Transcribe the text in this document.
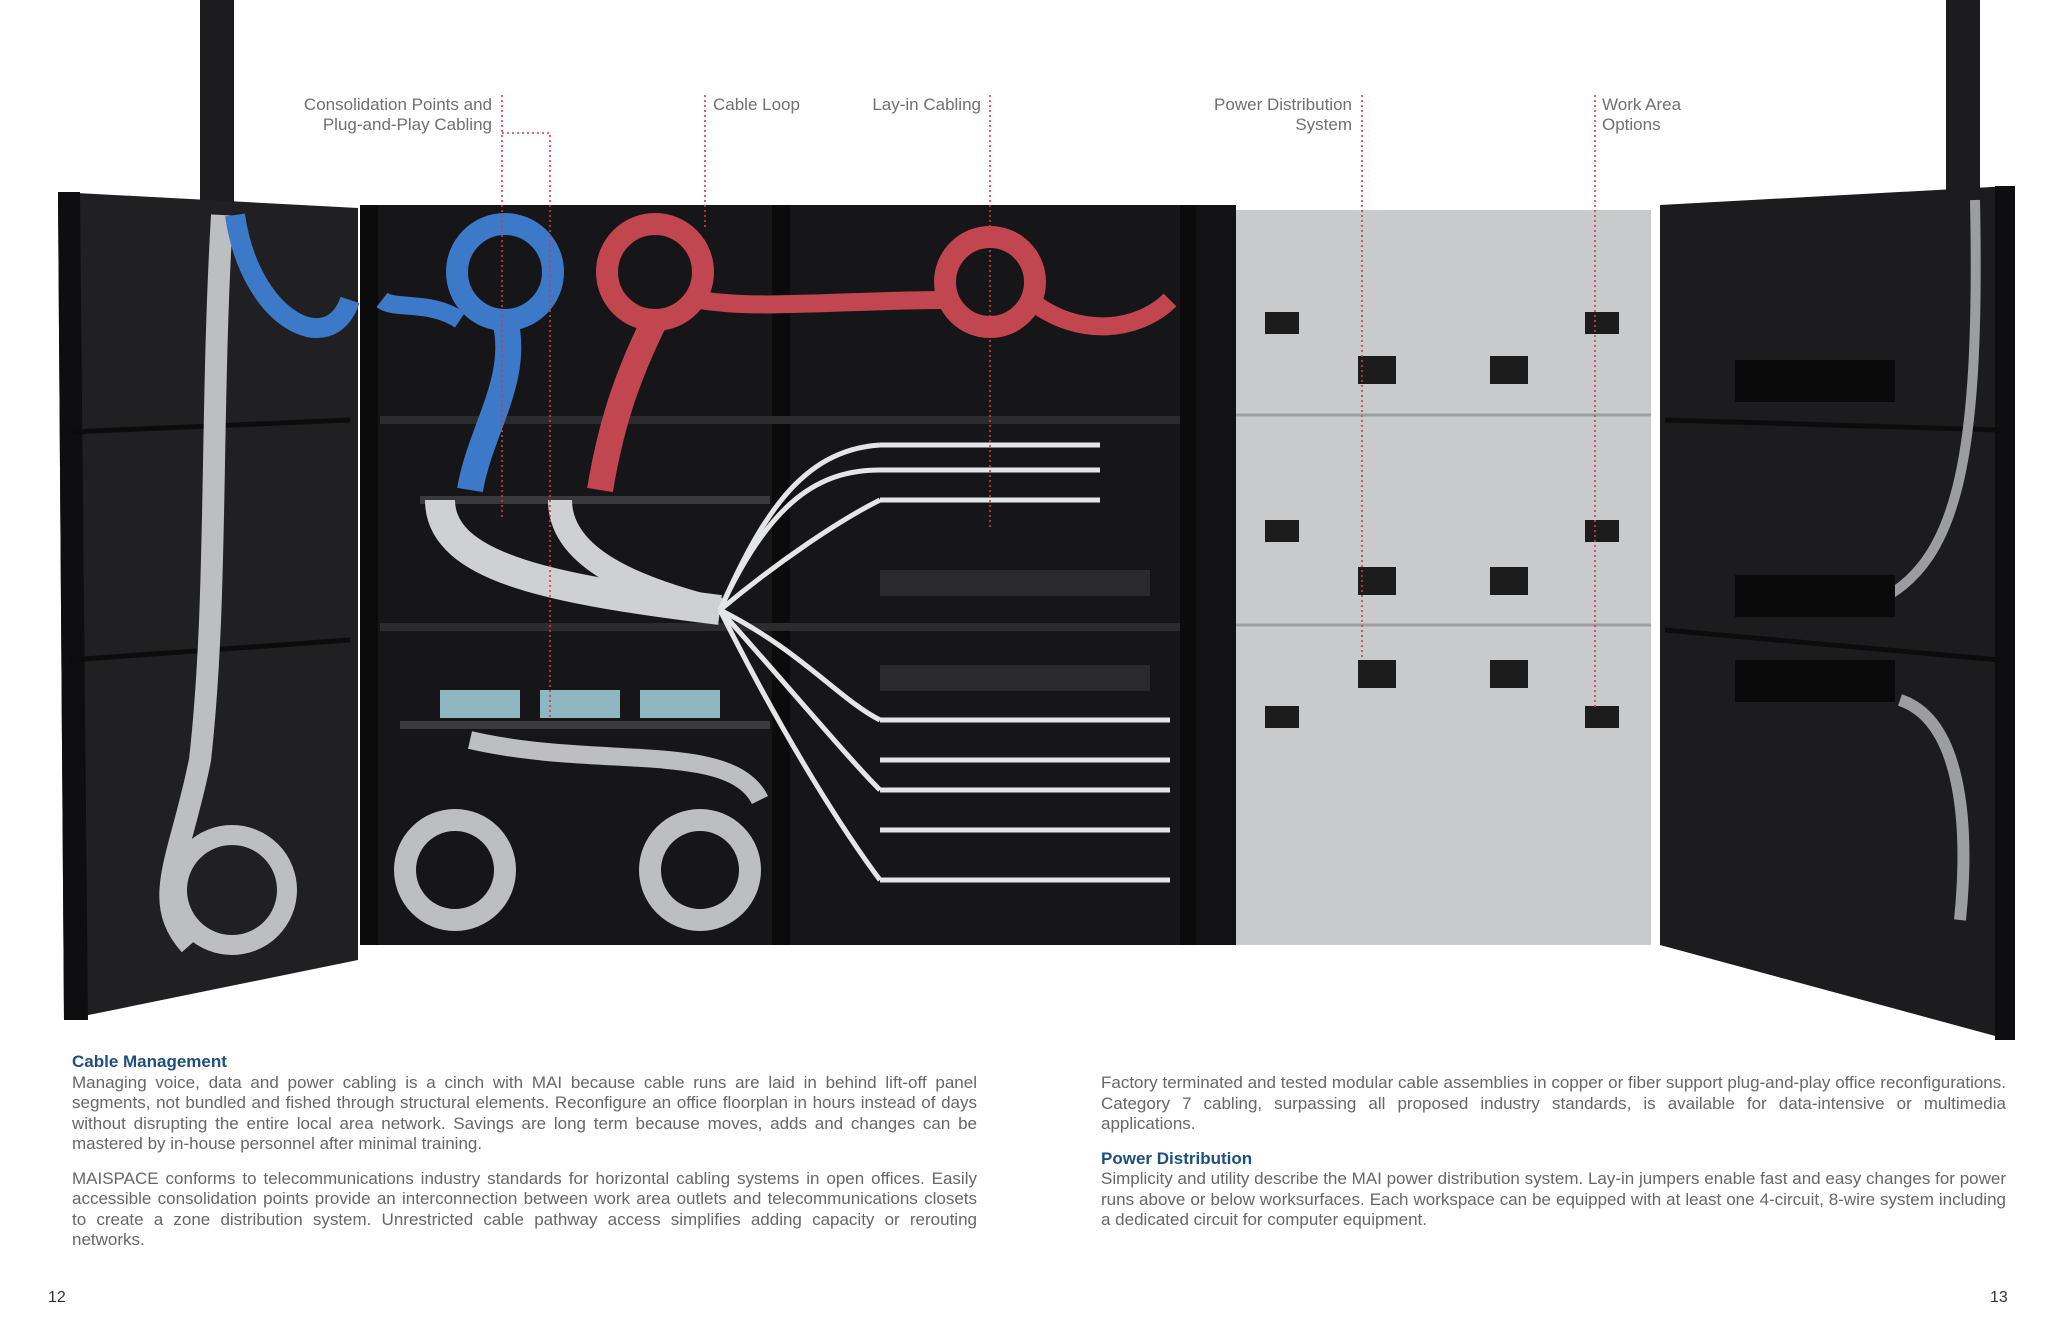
Consolidation Points and
Plug-and-Play Cabling
Cable Loop	Lay-in Cabling	Power Distribution
System
Work Area
Options
Cable Management

Managing voice, data and power cabling is a cinch with MAI because cable runs are laid in behind lift-off panel segments, not bundled and fished through structural elements. Reconfigure an office floorplan in hours instead of days without disrupting the entire local area network. Savings are long term because moves, adds and changes can be mastered by in-house personnel after minimal training.

MAISPACE conforms to telecommunications industry standards for horizontal cabling systems in open offices. Easily accessible consolidation points provide an interconnection between work area outlets and telecommunications closets to create a zone distribution system. Unrestricted cable pathway access simplifies adding capacity or rerouting networks.

Factory terminated and tested modular cable assemblies in copper or fiber support plug-and-play office reconfigurations. Category 7 cabling, surpassing all proposed industry standards, is available for data-intensive or multimedia applications.

Power Distribution

Simplicity and utility describe the MAI power distribution system. Lay-in jumpers enable fast and easy changes for power runs above or below worksurfaces. Each workspace can be equipped with at least one 4-circuit, 8-wire system including a dedicated circuit for computer equipment.

12	13
